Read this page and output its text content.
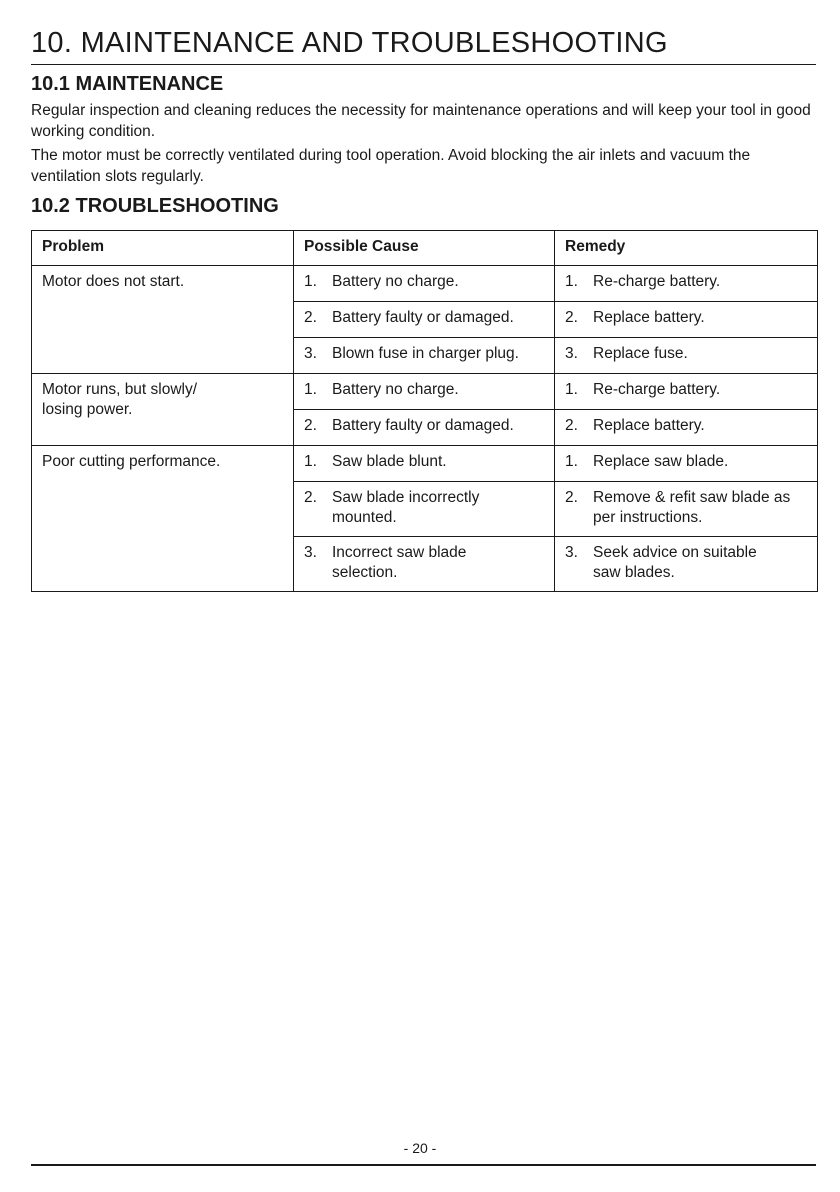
10. MAINTENANCE AND TROUBLESHOOTING
10.1 MAINTENANCE
Regular inspection and cleaning reduces the necessity for maintenance operations and will keep your tool in good working condition.
The motor must be correctly ventilated during tool operation. Avoid blocking the air inlets and vacuum the ventilation slots regularly.
10.2 TROUBLESHOOTING
Problem	Possible Cause	Remedy
Motor does not start.	1. Battery no charge.	1. Re-charge battery.
	2. Battery faulty or damaged.	2. Replace battery.
	3. Blown fuse in charger plug.	3. Replace fuse.
Motor runs, but slowly/ losing power.	1. Battery no charge.	1. Re-charge battery.
	2. Battery faulty or damaged.	2. Replace battery.
Poor cutting performance.	1. Saw blade blunt.	1. Replace saw blade.
	2. Saw blade incorrectly mounted.	2. Remove & refit saw blade as per instructions.
	3. Incorrect saw blade selection.	3. Seek advice on suitable saw blades.
- 20 -
